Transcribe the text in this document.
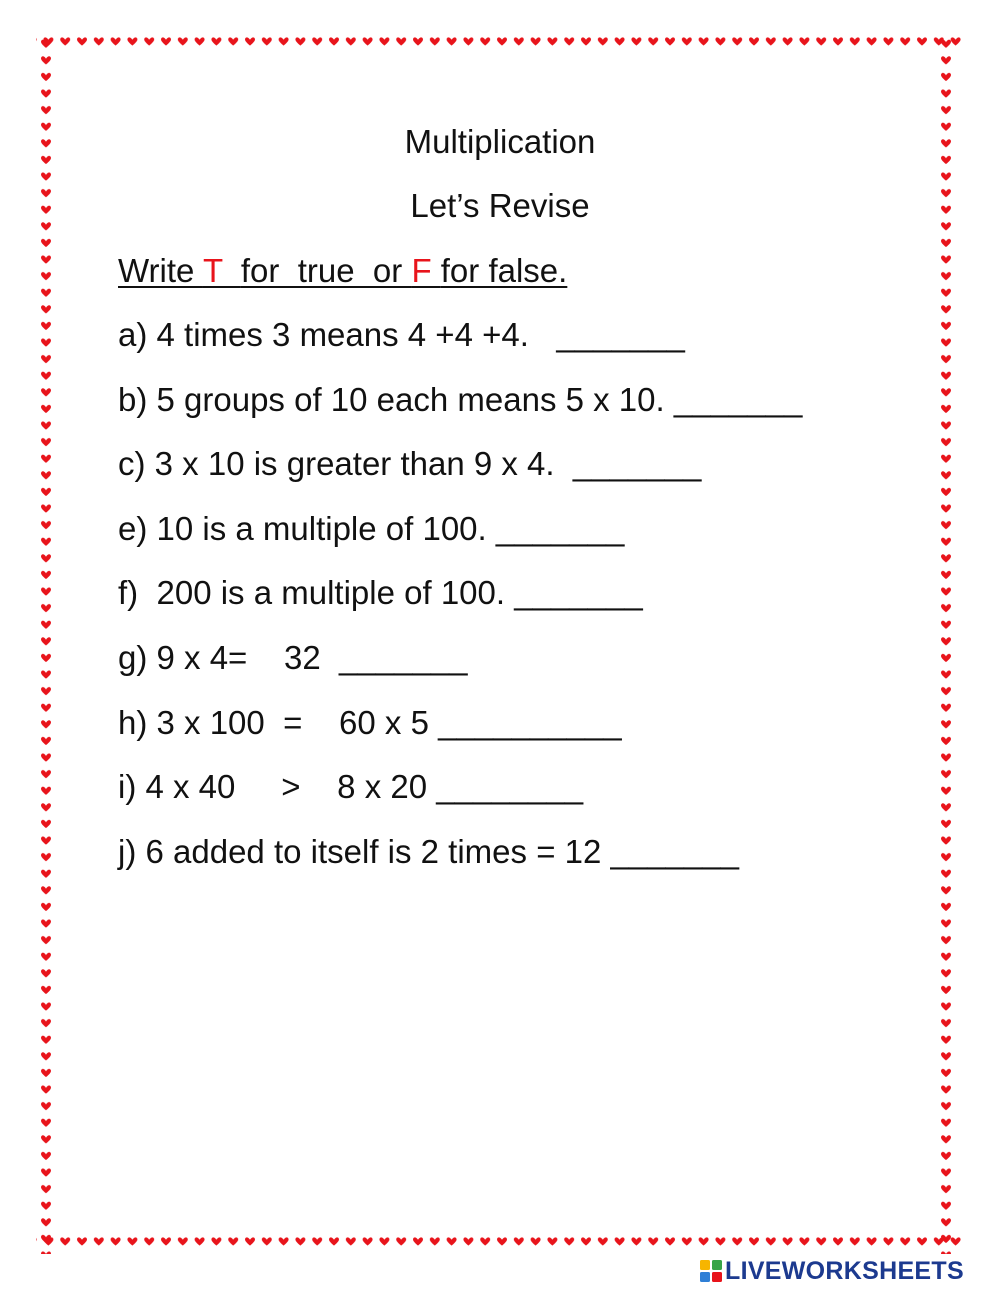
Multiplication
Let’s Revise
Write T  for  true  or F for false.
a) 4 times 3 means 4 +4 +4.   _______
b) 5 groups of 10 each means 5 x 10. _______
c) 3 x 10 is greater than 9 x 4.  _______
e) 10 is a multiple of 100. _______
f)  200 is a multiple of 100. _______
g) 9 x 4=    32  _______
h) 3 x 100  =    60 x 5 __________
i) 4 x 40     >    8 x 20 ________
j) 6 added to itself is 2 times = 12 _______
LIVEWORKSHEETS
